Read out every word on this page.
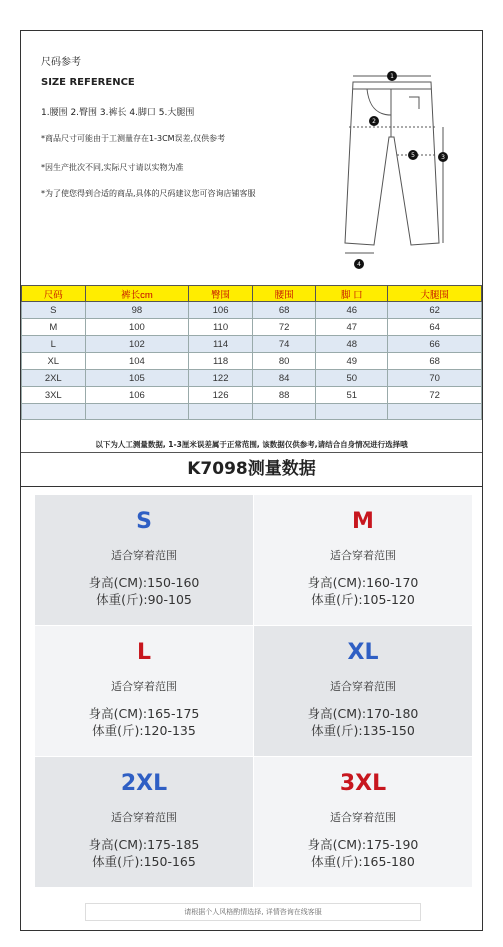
尺码参考
SIZE REFERENCE
1.腰围 2.臀围 3.裤长 4.脚口 5.大腿围
*商品尺寸可能由于工测量存在1-3CM误差,仅供参考
*因生产批次不同,实际尺寸请以实物为准
*为了使您得到合适的商品,具体的尺码建议您可咨询店铺客服
1
2
3
4
5
尺码	裤长cm	臀围	腰围	脚 口	大腿围
S	98	106	68	46	62
M	100	110	72	47	64
L	102	114	74	48	66
XL	104	118	80	49	68
2XL	105	122	84	50	70
3XL	106	126	88	51	72

以下为人工测量数据, 1-3厘米误差属于正常范围, 该数据仅供参考,请结合自身情况进行选择哦
K7098测量数据
S
适合穿着范围
身高(CM):150-160
体重(斤):90-105
M
适合穿着范围
身高(CM):160-170
体重(斤):105-120
L
适合穿着范围
身高(CM):165-175
体重(斤):120-135
XL
适合穿着范围
身高(CM):170-180
体重(斤):135-150
2XL
适合穿着范围
身高(CM):175-185
体重(斤):150-165
3XL
适合穿着范围
身高(CM):175-190
体重(斤):165-180
请根据个人风格酌情选择, 详情咨询在线客服
